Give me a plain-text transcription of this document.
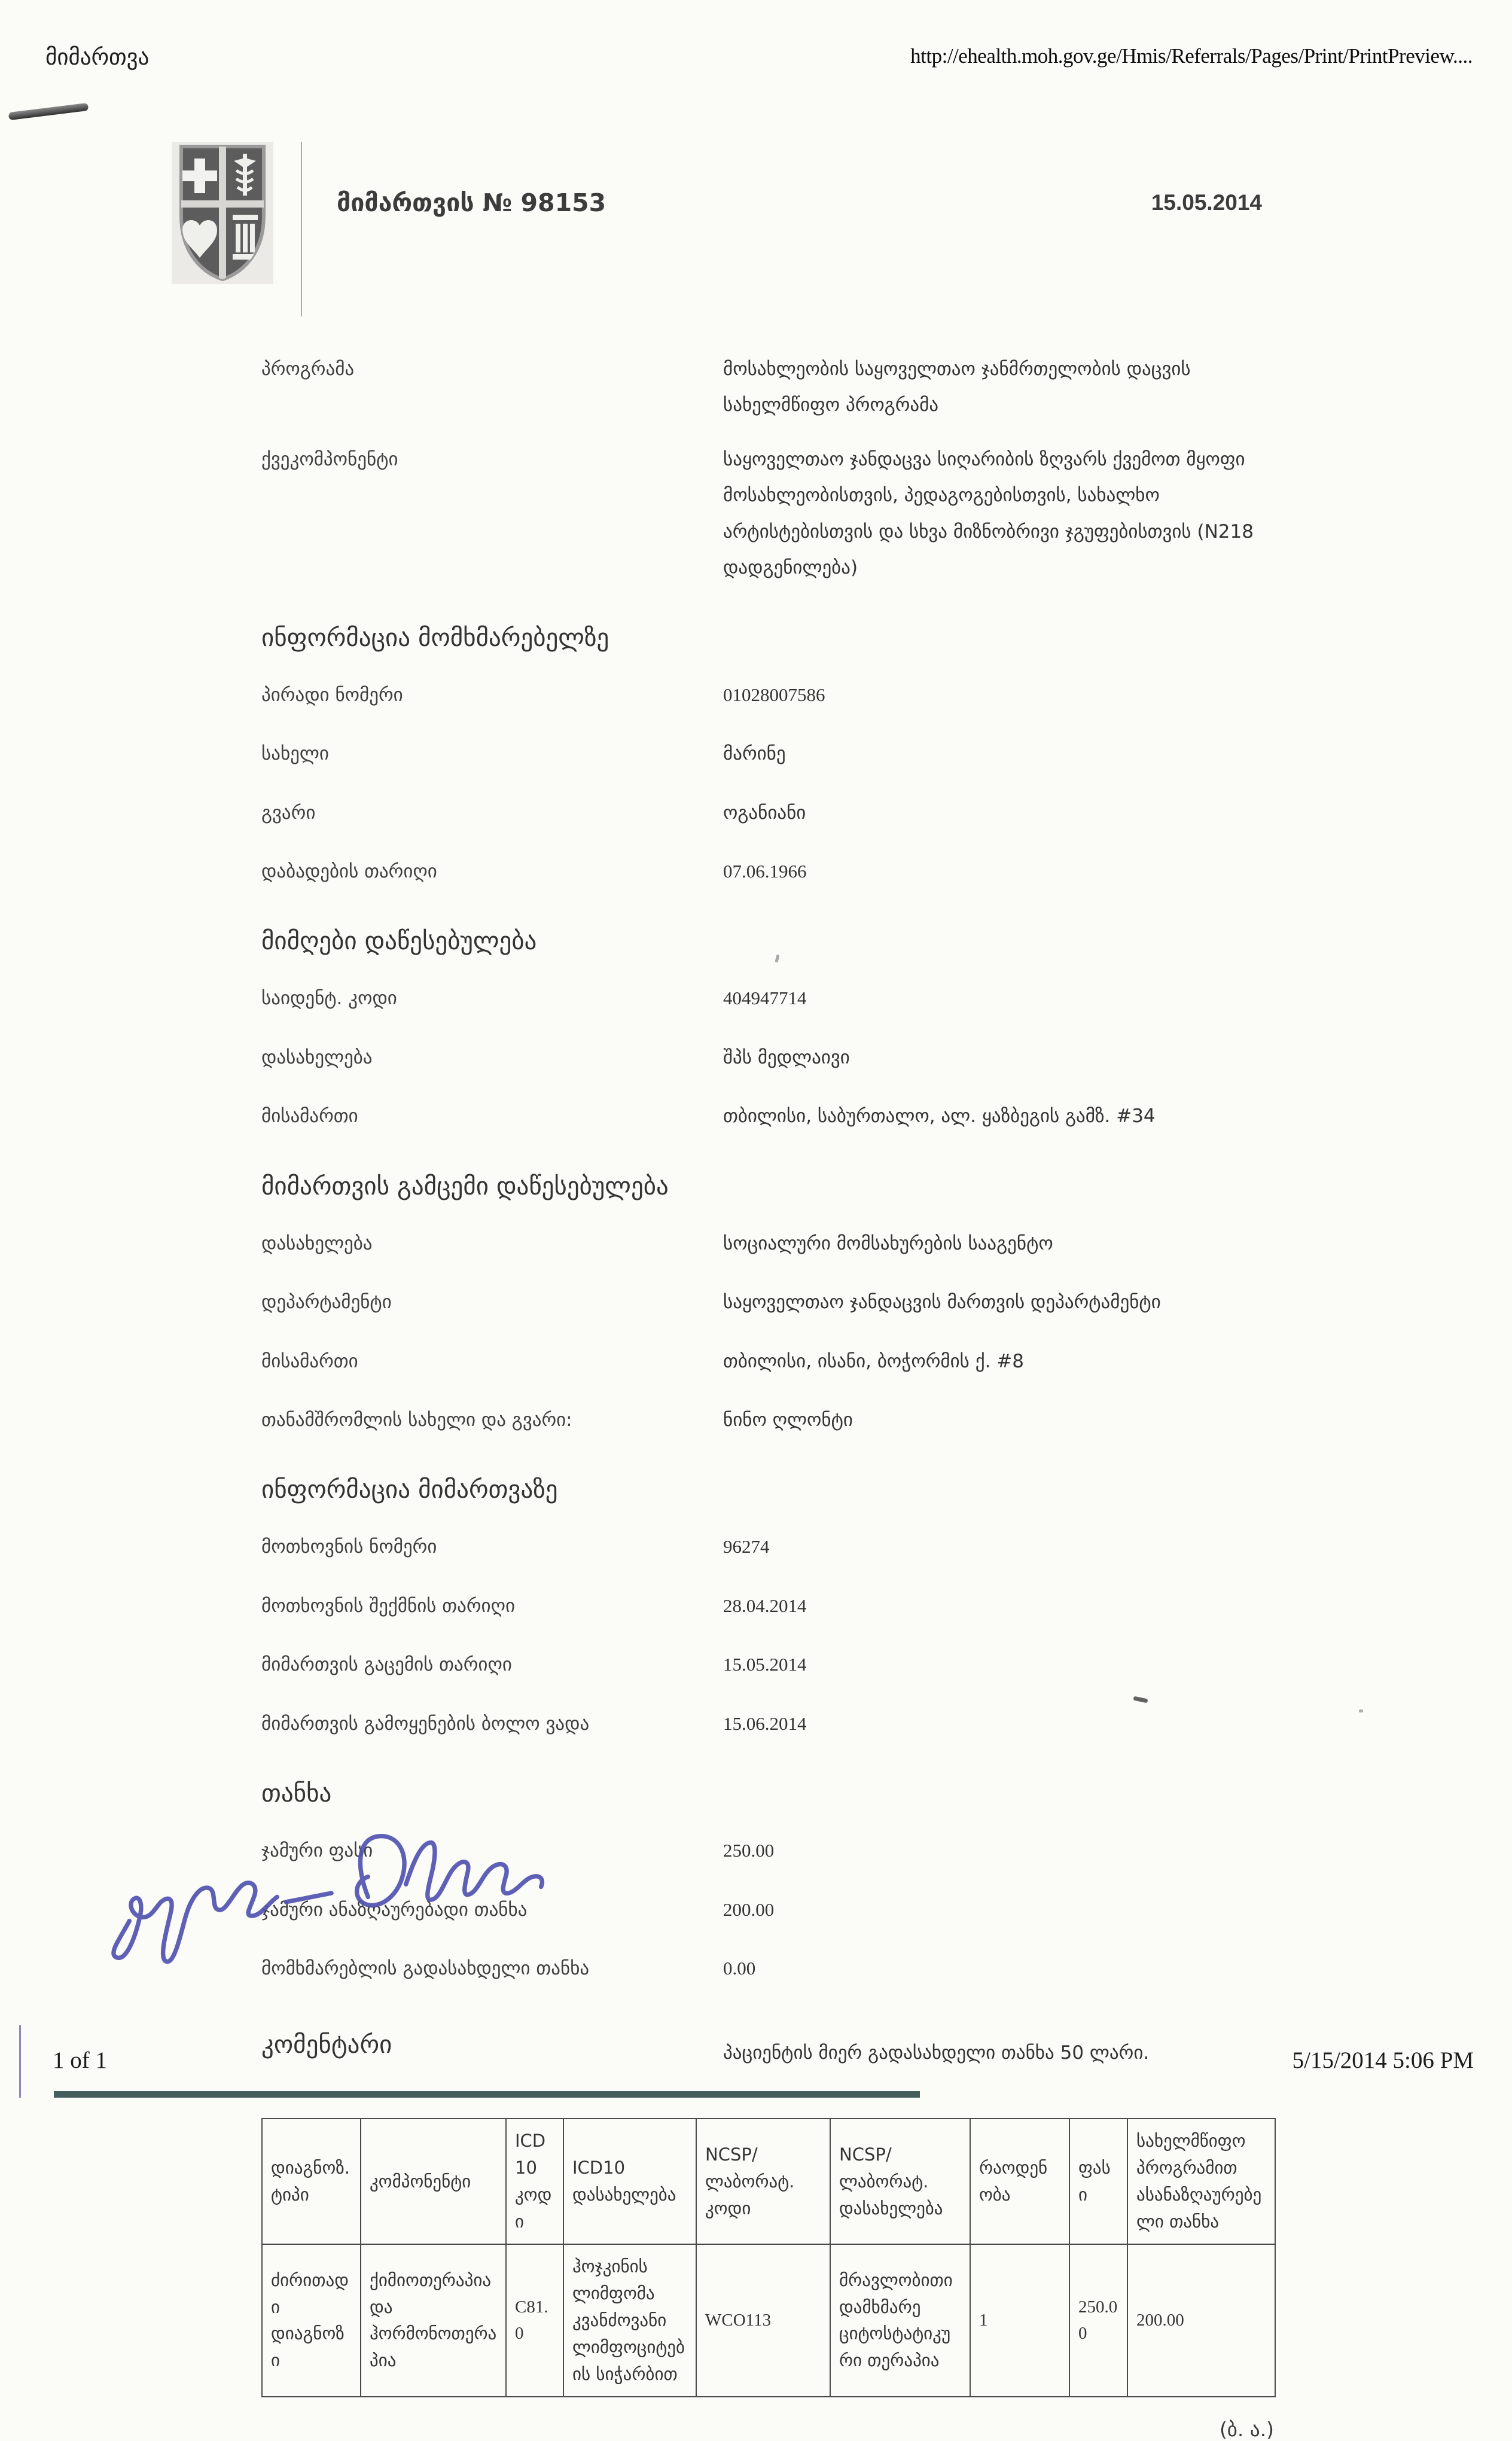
მიმართვა	http://ehealth.moh.gov.ge/Hmis/Referrals/Pages/Print/PrintPreview....
მიმართვის № 98153	15.05.2014
პროგრამა	მოსახლეობის საყოველთაო ჯანმრთელობის დაცვის სახელმწიფო პროგრამა
ქვეკომპონენტი	საყოველთაო ჯანდაცვა სიღარიბის ზღვარს ქვემოთ მყოფი მოსახლეობისთვის, პედაგოგებისთვის, სახალხო არტისტებისთვის და სხვა მიზნობრივი ჯგუფებისთვის (N218 დადგენილება)
ინფორმაცია მომხმარებელზე
პირადი ნომერი	01028007586
სახელი	მარინე
გვარი	ოგანიანი
დაბადების თარიღი	07.06.1966
მიმღები დაწესებულება
საიდენტ. კოდი	404947714
დასახელება	შპს მედლაივი
მისამართი	თბილისი, საბურთალო, ალ. ყაზბეგის გამზ. #34
მიმართვის გამცემი დაწესებულება
დასახელება	სოციალური მომსახურების სააგენტო
დეპარტამენტი	საყოველთაო ჯანდაცვის მართვის დეპარტამენტი
მისამართი	თბილისი, ისანი, ბოჭორმის ქ. #8
თანამშრომლის სახელი და გვარი:	ნინო ღლონტი
ინფორმაცია მიმართვაზე
მოთხოვნის ნომერი	96274
მოთხოვნის შექმნის თარიღი	28.04.2014
მიმართვის გაცემის თარიღი	15.05.2014
მიმართვის გამოყენების ბოლო ვადა	15.06.2014
თანხა
ჯამური ფასი	250.00
ჯამური ანაზღაურებადი თანხა	200.00
მომხმარებლის გადასახდელი თანხა	0.00
კომენტარი	პაციენტის მიერ გადასახდელი თანხა 50 ლარი.
დიაგნოზ. ტიპი	კომპონენტი	ICD10 კოდი	ICD10 დასახელება	NCSP/ლაბორატ. კოდი	NCSP/ლაბორატ. დასახელება	რაოდენობა	ფასი	სახელმწიფო პროგრამით ასანაზღაურებელი თანხა
ძირითადი დიაგნოზი	ქიმიოთერაპია და ჰორმონოთერაპია	C81.0	ჰოჯკინის ლიმფომა კვანძოვანი ლიმფოციტების სიჭარბით	WCO113	მრავლობითი დამხმარე ციტოსტატიკური თერაპია	1	250.00	200.00
(ბ. ა.)
1 of 1	5/15/2014 5:06 PM
